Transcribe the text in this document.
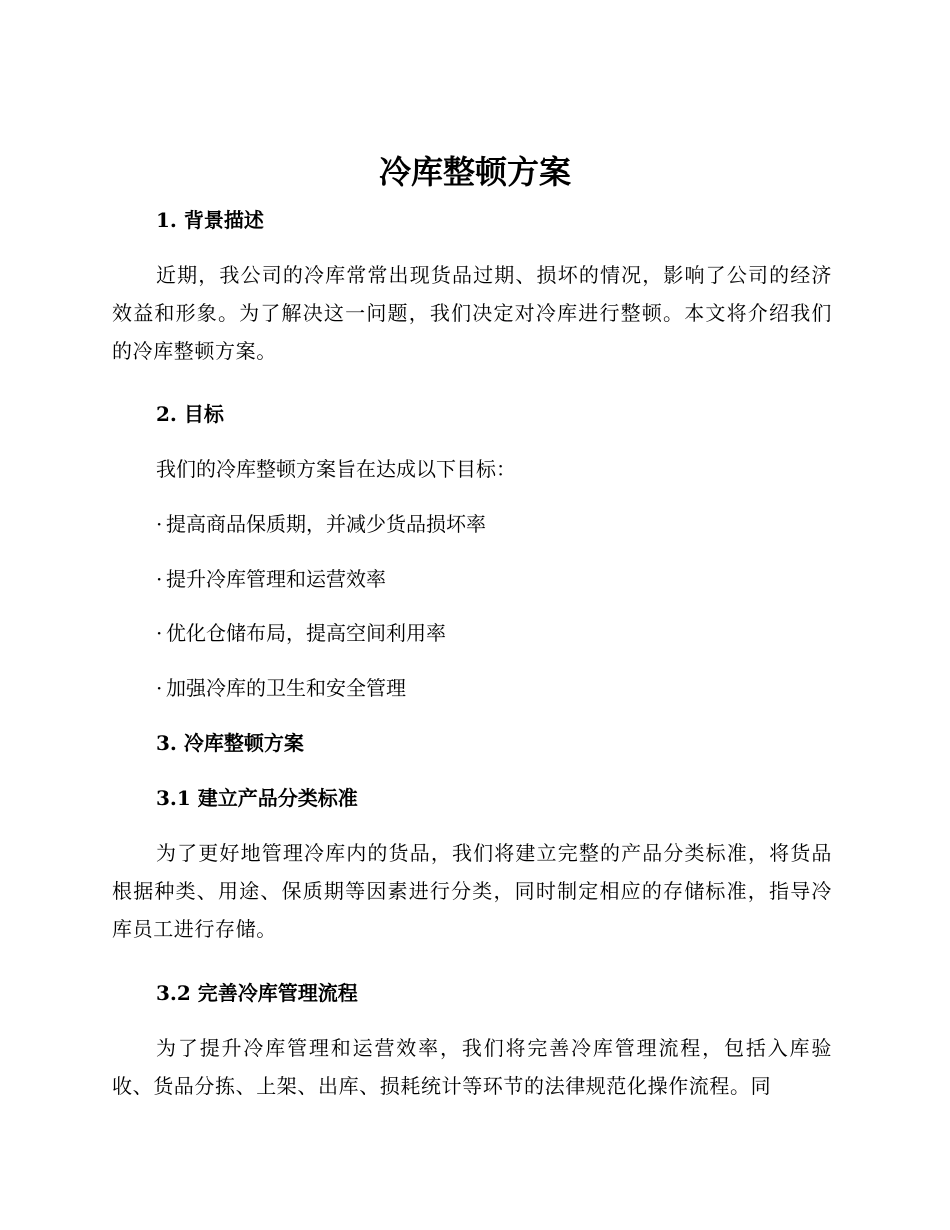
冷库整顿方案
1. 背景描述

近期，我公司的冷库常常出现货品过期、损坏的情况，影响了公司的经济效益和形象。为了解决这一问题，我们决定对冷库进行整顿。本文将介绍我们的冷库整顿方案。

2. 目标

我们的冷库整顿方案旨在达成以下目标：

· 提高商品保质期，并减少货品损坏率
· 提升冷库管理和运营效率
· 优化仓储布局，提高空间利用率
· 加强冷库的卫生和安全管理
3. 冷库整顿方案
3.1 建立产品分类标准

为了更好地管理冷库内的货品，我们将建立完整的产品分类标准，将货品根据种类、用途、保质期等因素进行分类，同时制定相应的存储标准，指导冷库员工进行存储。

3.2 完善冷库管理流程

为了提升冷库管理和运营效率，我们将完善冷库管理流程，包括入库验收、货品分拣、上架、出库、损耗统计等环节的法律规范化操作流程。同
